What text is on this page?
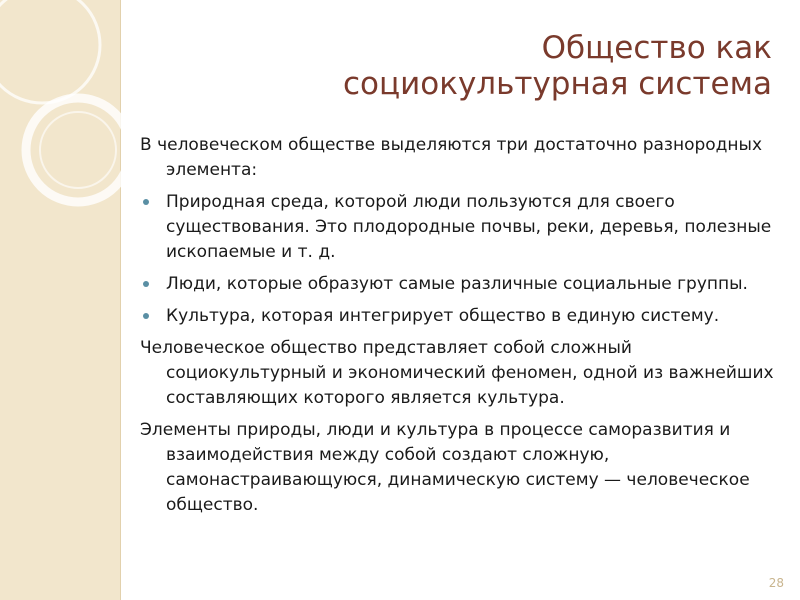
Общество как
социокультурная система
В человеческом обществе выделяются три достаточно разнородных элемента:
Природная среда, которой люди пользуются для своего существования. Это плодородные почвы, реки, деревья, полезные ископаемые и т. д.
Люди, которые образуют самые различные социальные группы.
Культура, которая интегрирует общество в единую систему.
Человеческое общество представляет собой сложный социокультурный и экономический феномен, одной из важнейших составляющих которого является культура.
Элементы природы, люди и культура в процессе саморазвития и взаимодействия между собой создают сложную, самонастраивающуюся, динамическую систему — человеческое общество.
28
